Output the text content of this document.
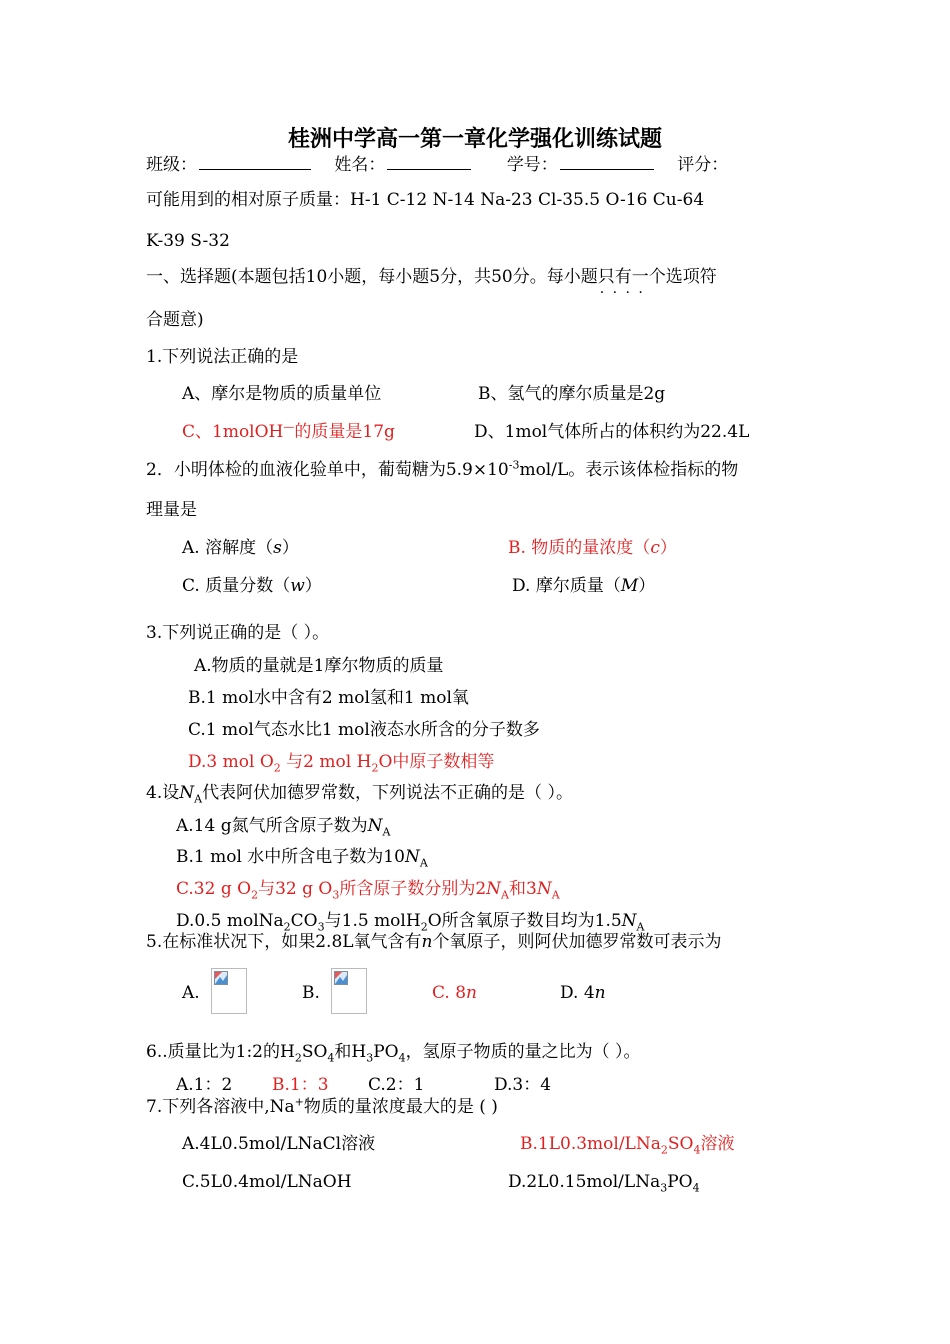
桂洲中学高一第一章化学强化训练试题
班级：	姓名：	学号：	评分：
可能用到的相对原子质量：H-1 C-12 N-14 Na-23 Cl-35.5 O-16 Cu-64
K-39 S-32
一、选择题(本题包括10小题，每小题5分，共50分。每小题只有一个 · · · ·选项符
合题意)
1.下列说法正确的是
A、摩尔是物质的质量单位	B、氢气的摩尔质量是2g
C、1molOH—的质量是17g	D、1mol气体所占的体积约为22.4L
2．小明体检的血液化验单中，葡萄糖为$5.9\times 10^{-3}mol/L$。表示该体检指标的物
理量是
A. 溶解度（s）	B. 物质的量浓度（c）
C. 质量分数（w）	D. 摩尔质量（M）
3.下列说正确的是（ ）。
A.物质的量就是1摩尔物质的质量
B.1 mol水中含有2 mol氢和1 mol氧
C.1 mol气态水比1 mol液态水所含的分子数多
D.3 mol $O_2$ 与2 mol $H_2O$中原子数相等
4.设$N_A$代表阿伏加德罗常数，下列说法不正确的是（ ）。
A.14 g氮气所含原子数为$N_A$
B.1 mol 水中所含电子数为$10N_A$
C.32 g $O_2$与32 g $O_3$所含原子数分别为$2N_A$和$3N_A$
D.0.5 $molNa_2CO_3$与1.5 molH$_2$O所含氧原子数目均为$1.5N_A$
5.在标准状况下，如果2.8L氧气含有n个氧原子，则阿伏加德罗常数可表示为
A.	B.	C. 8n	D. 4n
6..质量比为1:2的$H_2SO_4$和$H_3PO_4$，氢原子物质的量之比为（ ）。
A.1：2 B.1：3 C.2：1	D.3：4
7.下列各溶液中,Na+物质的量浓度最大的是 ( )
A.4L0.5mol/LNaCl溶液	$B.1L0.3mol/LNa_2SO_4$溶液
C.5L0.4mol/LNaOH	$D.2L0.15mol/LNa_3PO_4$
